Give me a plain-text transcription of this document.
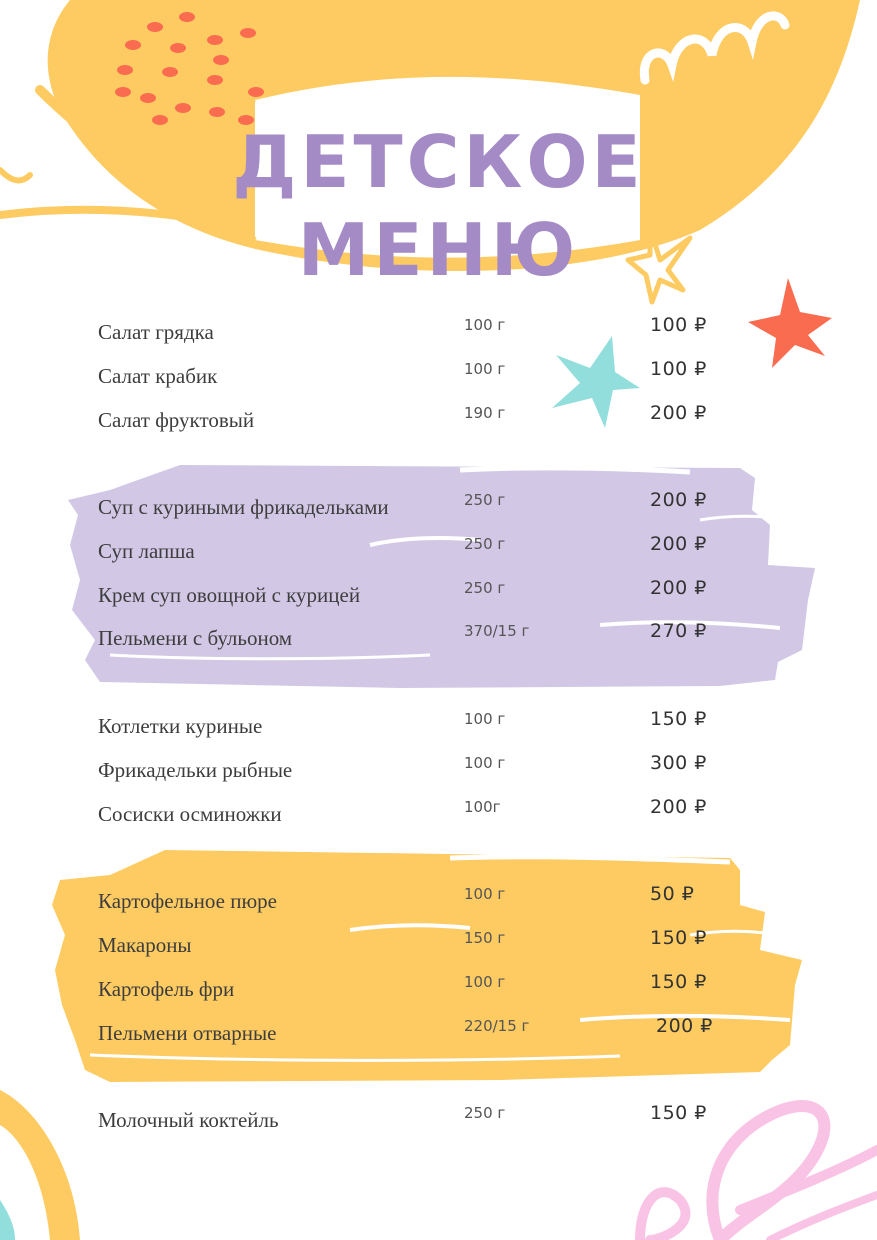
ДЕТСКОЕ
МЕНЮ
Салат грядка	100 г	100 ₽
Салат крабик	100 г	100 ₽
Салат фруктовый	190 г	200 ₽
Суп с куриными фрикадельками	250 г	200 ₽
Суп лапша	250 г	200 ₽
Крем суп овощной с курицей	250 г	200 ₽
Пельмени с бульоном	370/15 г	270 ₽
Котлетки куриные	100 г	150 ₽
Фрикадельки рыбные	100 г	300 ₽
Сосиски осминожки	100г	200 ₽
Картофельное пюре	100 г	50 ₽
Макароны	150 г	150 ₽
Картофель фри	100 г	150 ₽
Пельмени отварные	220/15 г	200 ₽
Молочный коктейль	250 г	150 ₽
